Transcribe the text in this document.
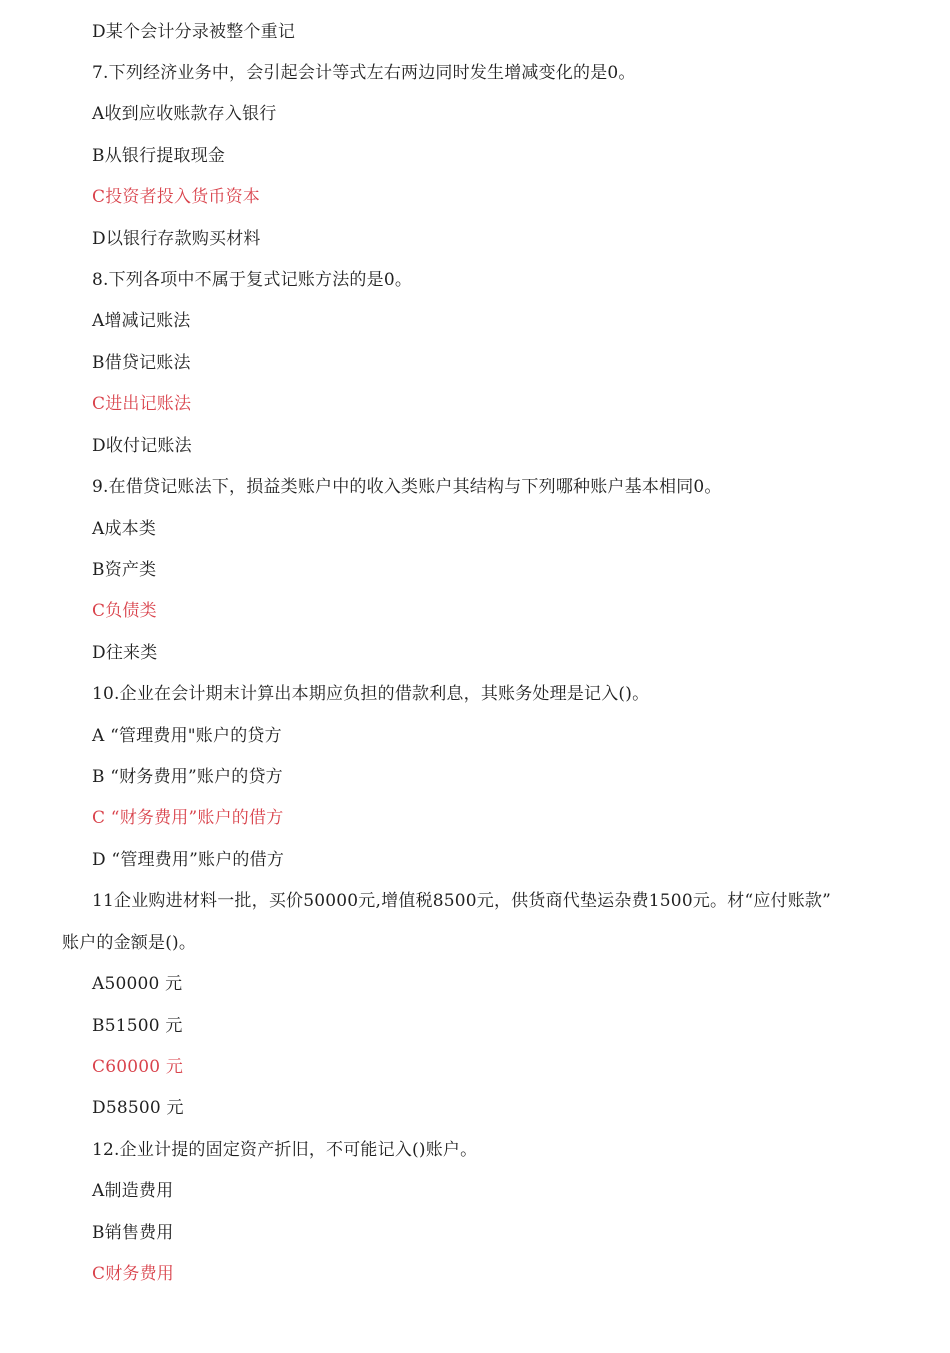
D某个会计分录被整个重记
7.下列经济业务中，会引起会计等式左右两边同时发生增减变化的是0。
A收到应收账款存入银行
B从银行提取现金
C投资者投入货币资本
D以银行存款购买材料
8.下列各项中不属于复式记账方法的是0。
A增减记账法
B借贷记账法
C进出记账法
D收付记账法
9.在借贷记账法下，损益类账户中的收入类账户其结构与下列哪种账户基本相同0。
A成本类
B资产类
C负债类
D往来类
10.企业在会计期末计算出本期应负担的借款利息，其账务处理是记入()。
A “管理费用"账户的贷方
B “财务费用”账户的贷方
C “财务费用”账户的借方
D “管理费用”账户的借方
11企业购进材料一批，买价50000元,增值税8500元，供货商代垫运杂费1500元。材“应付账款”
账户的金额是()。
A50000 元
B51500 元
C60000 元
D58500 元
12.企业计提的固定资产折旧，不可能记入()账户。
A制造费用
B销售费用
C财务费用
